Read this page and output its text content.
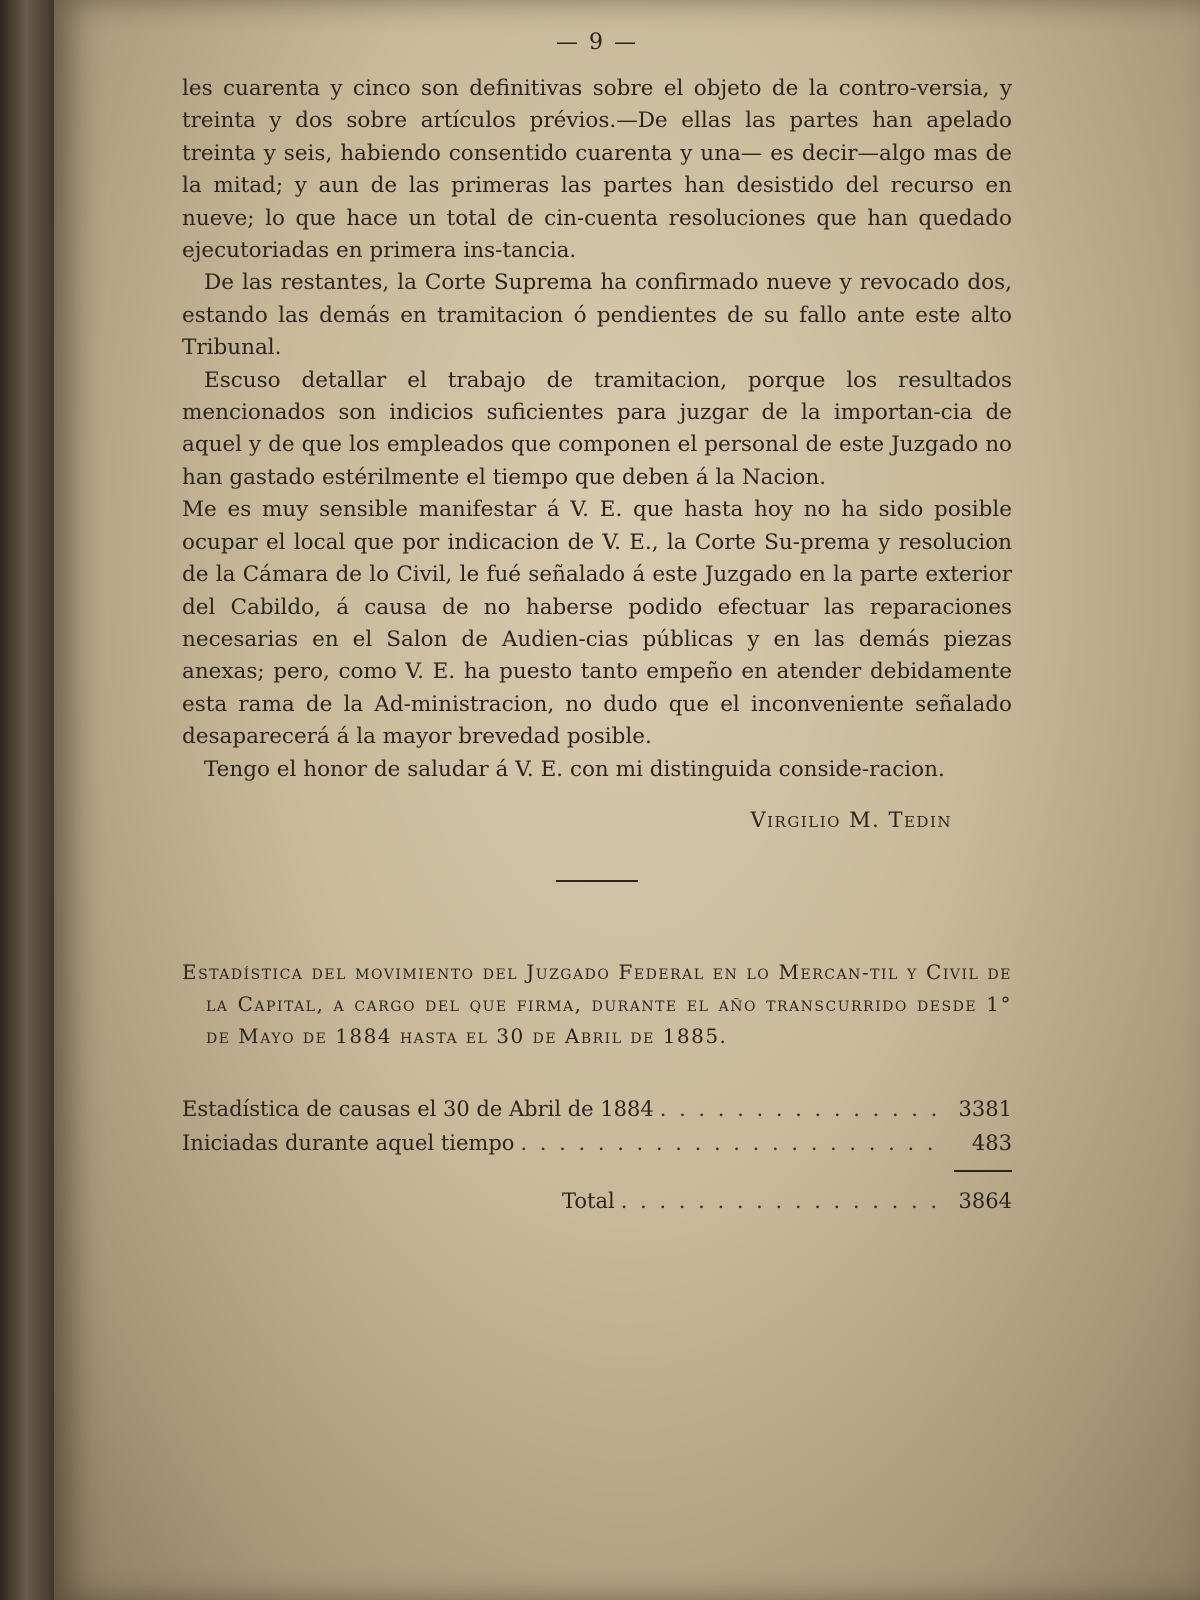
— 9 —

les cuarenta y cinco son definitivas sobre el objeto de la contro-versia, y treinta y dos sobre artículos prévios.—De ellas las partes han apelado treinta y seis, habiendo consentido cuarenta y una— es decir—algo mas de la mitad; y aun de las primeras las partes han desistido del recurso en nueve; lo que hace un total de cin-cuenta resoluciones que han quedado ejecutoriadas en primera ins-tancia.

De las restantes, la Corte Suprema ha confirmado nueve y revocado dos, estando las demás en tramitacion ó pendientes de su fallo ante este alto Tribunal.

Escuso detallar el trabajo de tramitacion, porque los resultados mencionados son indicios suficientes para juzgar de la importan-cia de aquel y de que los empleados que componen el personal de este Juzgado no han gastado estérilmente el tiempo que deben á la Nacion.

Me es muy sensible manifestar á V. E. que hasta hoy no ha sido posible ocupar el local que por indicacion de V. E., la Corte Su-prema y resolucion de la Cámara de lo Civil, le fué señalado á este Juzgado en la parte exterior del Cabildo, á causa de no haberse podido efectuar las reparaciones necesarias en el Salon de Audien-cias públicas y en las demás piezas anexas; pero, como V. E. ha puesto tanto empeño en atender debidamente esta rama de la Ad-ministracion, no dudo que el inconveniente señalado desaparecerá á la mayor brevedad posible.

Tengo el honor de saludar á V. E. con mi distinguida conside-racion.

Virgilio M. Tedin
Estadística del movimiento del Juzgado Federal en lo Mercan-til y Civil de la Capital, a cargo del que firma, durante el año transcurrido desde 1° de Mayo de 1884 hasta el 30 de Abril de 1885.
Estadística de causas el 30 de Abril de 1884 . . .	3381
Iniciadas durante aquel tiempo . . .	483
Total . . .	3864
